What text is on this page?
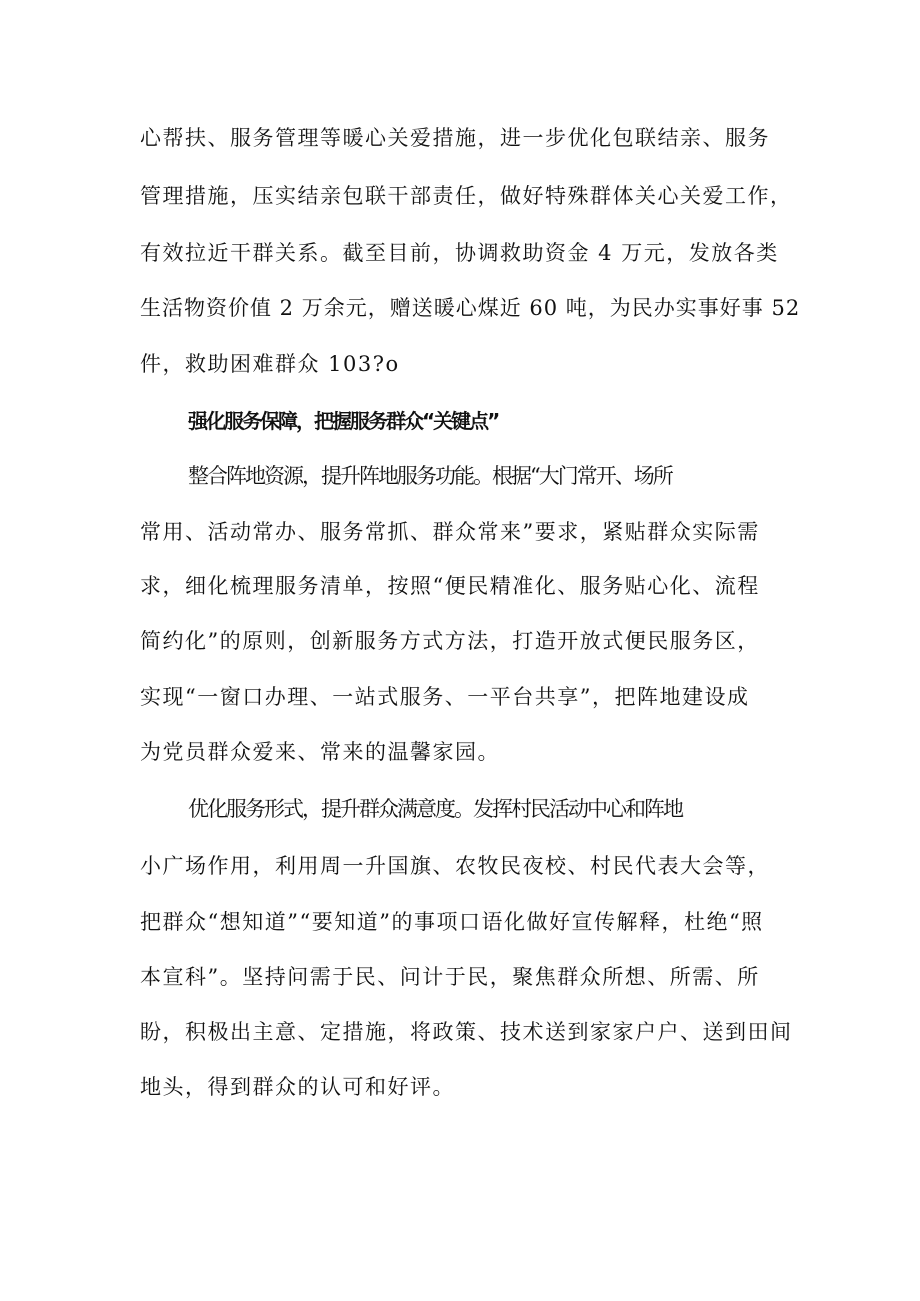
心帮扶、服务管理等暖心关爱措施，进一步优化包联结亲、服务
管理措施，压实结亲包联干部责任，做好特殊群体关心关爱工作，
有效拉近干群关系。截至目前，协调救助资金 4 万元，发放各类
生活物资价值 2 万余元，赠送暖心煤近 60 吨，为民办实事好事 52
件，救助困难群众 103?o
强化服务保障，把握服务群众“关键点”
整合阵地资源，提升阵地服务功能。根据“大门常开、场所
常用、活动常办、服务常抓、群众常来”要求，紧贴群众实际需
求，细化梳理服务清单，按照“便民精准化、服务贴心化、流程
简约化”的原则，创新服务方式方法，打造开放式便民服务区，
实现“一窗口办理、一站式服务、一平台共享”，把阵地建设成
为党员群众爱来、常来的温馨家园。
优化服务形式，提升群众满意度。发挥村民活动中心和阵地
小广场作用，利用周一升国旗、农牧民夜校、村民代表大会等，
把群众“想知道”“要知道”的事项口语化做好宣传解释，杜绝“照
本宣科”。坚持问需于民、问计于民，聚焦群众所想、所需、所
盼，积极出主意、定措施，将政策、技术送到家家户户、送到田间
地头，得到群众的认可和好评。
